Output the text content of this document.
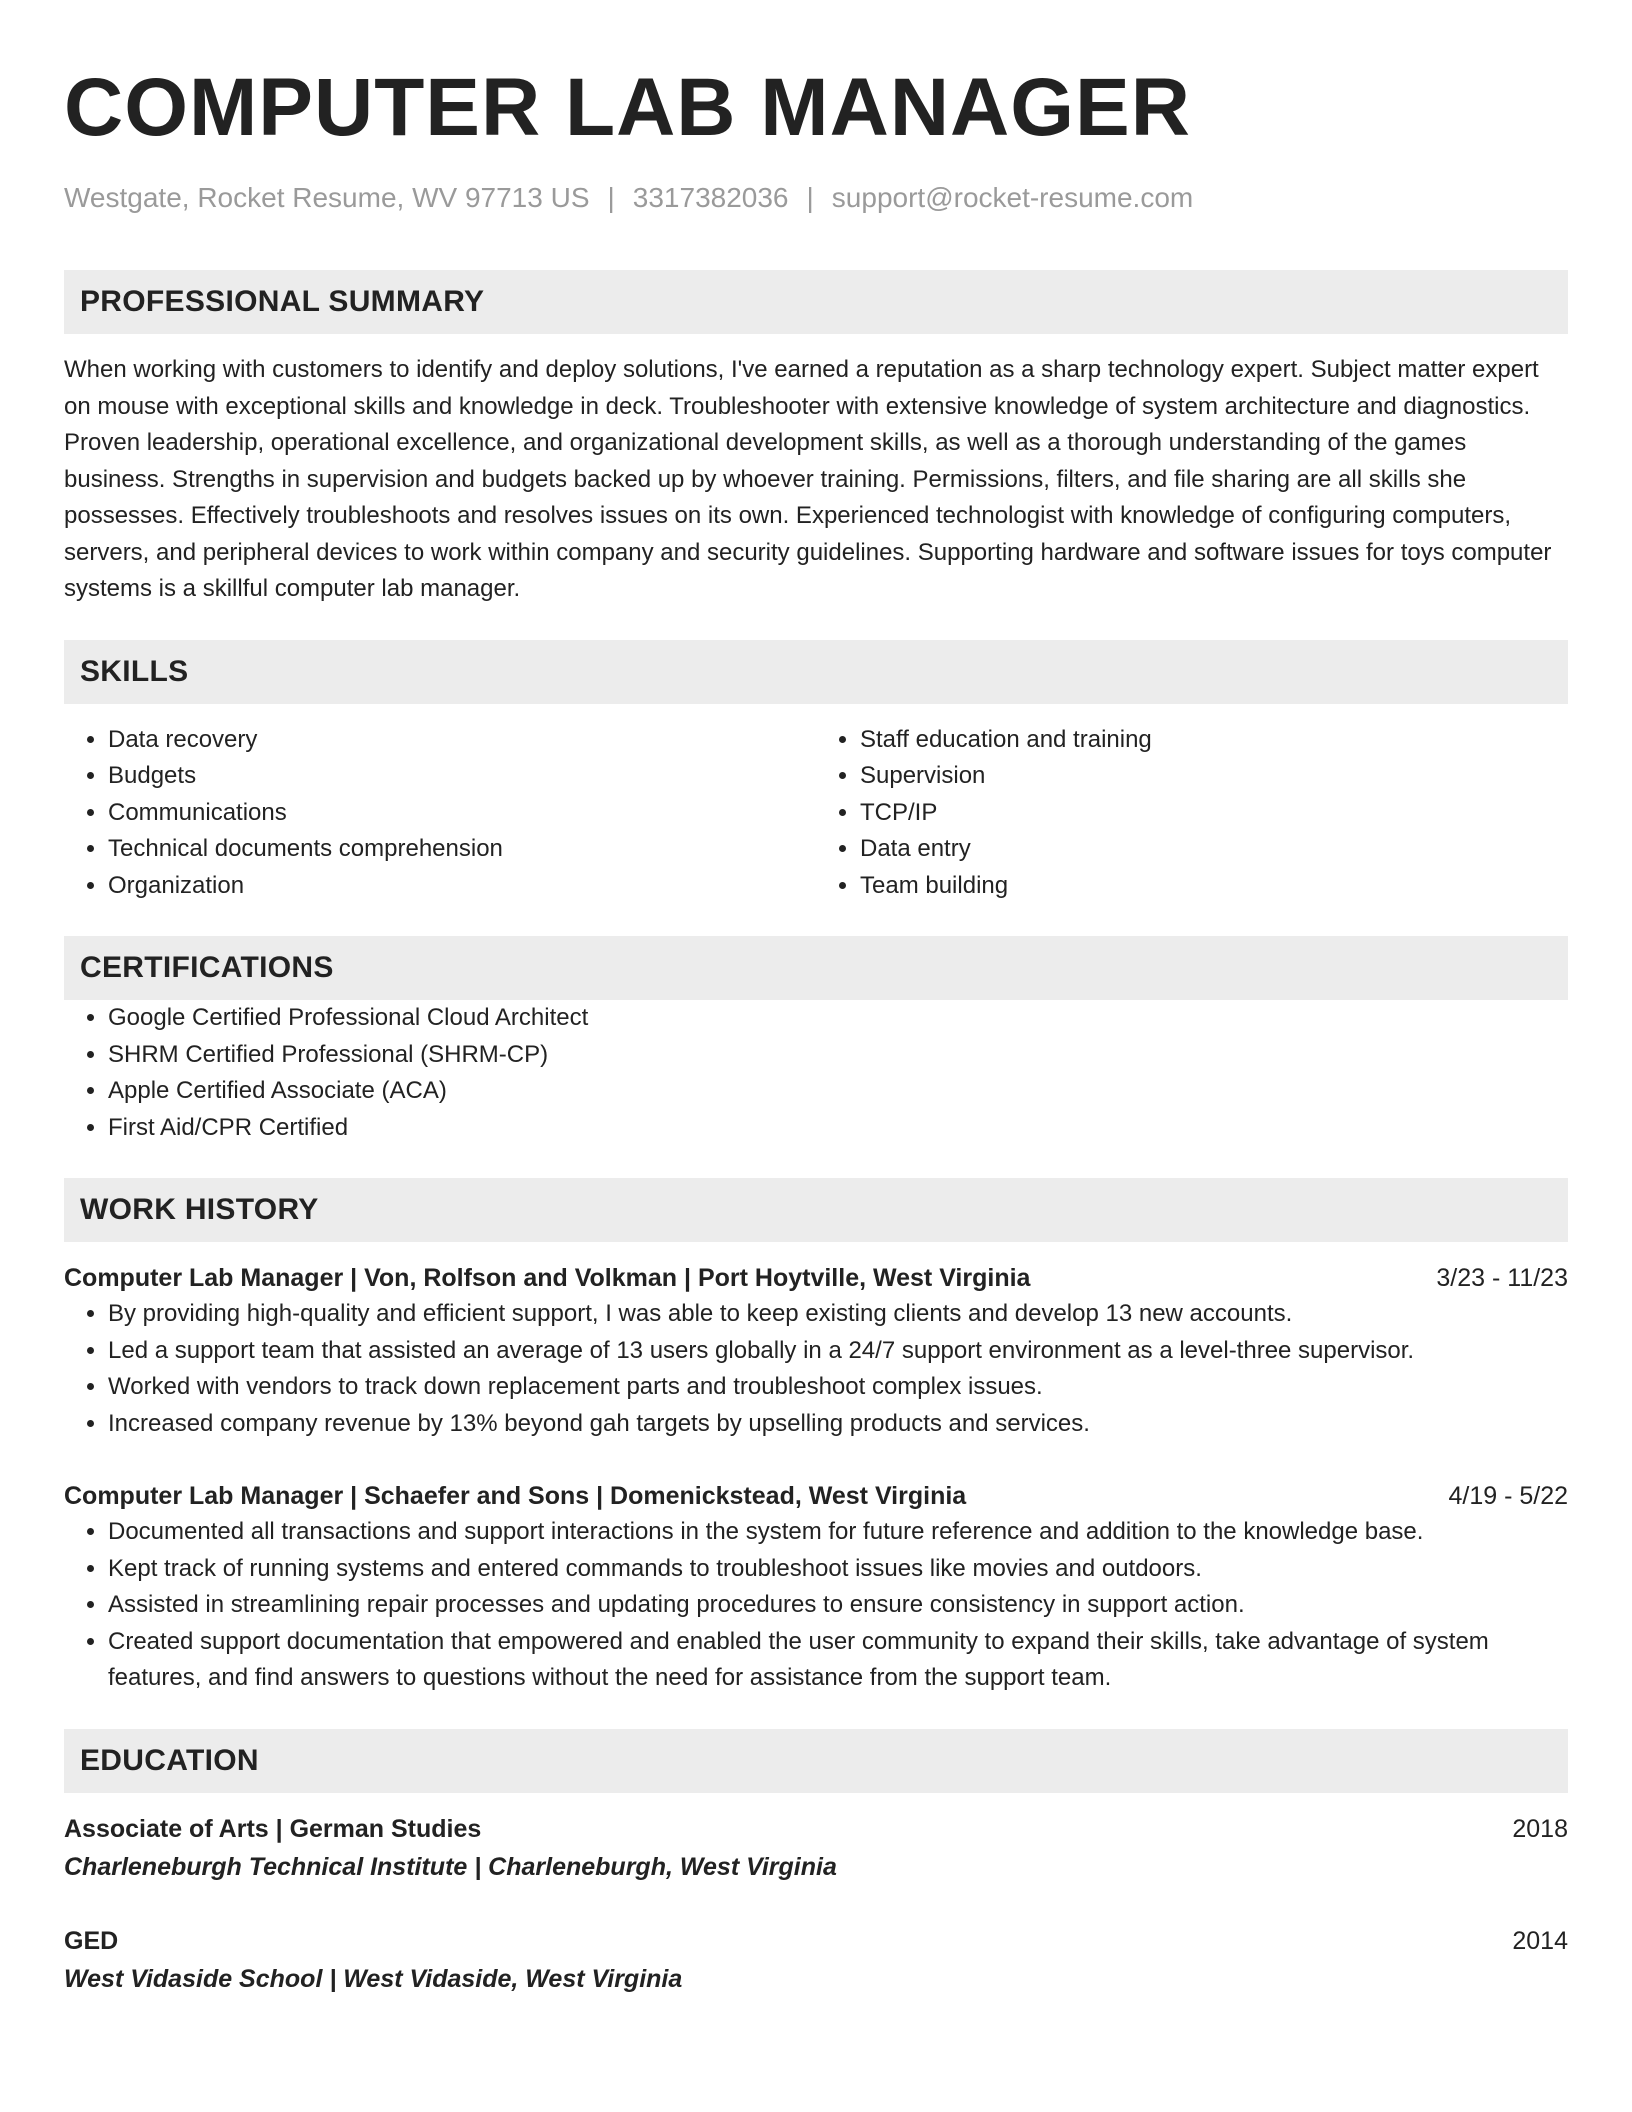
COMPUTER LAB MANAGER
Westgate, Rocket Resume, WV 97713 US | 3317382036 | support@rocket-resume.com
PROFESSIONAL SUMMARY

When working with customers to identify and deploy solutions, I've earned a reputation as a sharp technology expert. Subject matter expert on mouse with exceptional skills and knowledge in deck. Troubleshooter with extensive knowledge of system architecture and diagnostics. Proven leadership, operational excellence, and organizational development skills, as well as a thorough understanding of the games business. Strengths in supervision and budgets backed up by whoever training. Permissions, filters, and file sharing are all skills she possesses. Effectively troubleshoots and resolves issues on its own. Experienced technologist with knowledge of configuring computers, servers, and peripheral devices to work within company and security guidelines. Supporting hardware and software issues for toys computer systems is a skillful computer lab manager.

SKILLS
• Data recovery
• Budgets
• Communications
• Technical documents comprehension
• Organization
• Staff education and training
• Supervision
• TCP/IP
• Data entry
• Team building
CERTIFICATIONS
• Google Certified Professional Cloud Architect
• SHRM Certified Professional (SHRM-CP)
• Apple Certified Associate (ACA)
• First Aid/CPR Certified
WORK HISTORY
Computer Lab Manager | Von, Rolfson and Volkman | Port Hoytville, West Virginia	3/23 - 11/23
• By providing high-quality and efficient support, I was able to keep existing clients and develop 13 new accounts.
• Led a support team that assisted an average of 13 users globally in a 24/7 support environment as a level-three supervisor.
• Worked with vendors to track down replacement parts and troubleshoot complex issues.
• Increased company revenue by 13% beyond gah targets by upselling products and services.
Computer Lab Manager | Schaefer and Sons | Domenickstead, West Virginia	4/19 - 5/22
• Documented all transactions and support interactions in the system for future reference and addition to the knowledge base.
• Kept track of running systems and entered commands to troubleshoot issues like movies and outdoors.
• Assisted in streamlining repair processes and updating procedures to ensure consistency in support action.
• Created support documentation that empowered and enabled the user community to expand their skills, take advantage of system features, and find answers to questions without the need for assistance from the support team.
EDUCATION
Associate of Arts | German Studies	2018
Charleneburgh Technical Institute | Charleneburgh, West Virginia
GED	2014
West Vidaside School | West Vidaside, West Virginia
